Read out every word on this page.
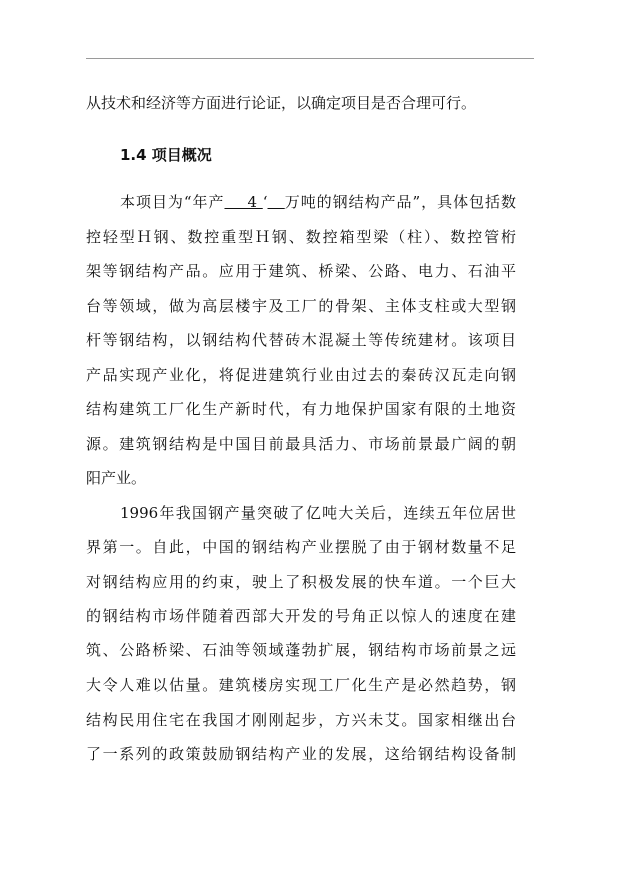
从技术和经济等方面进行论证，以确定项目是否合理可行。
1.4 项目概况
本项目为“年产    4 ‘ 万吨的钢结构产品”，具体包括数
控轻型Ｈ钢、数控重型Ｈ钢、数控箱型梁（柱）、数控管桁
架等钢结构产品。应用于建筑、桥梁、公路、电力、石油平
台等领域，做为高层楼宇及工厂的骨架、主体支柱或大型钢
杆等钢结构，以钢结构代替砖木混凝土等传统建材。该项目
产品实现产业化，将促进建筑行业由过去的秦砖汉瓦走向钢
结构建筑工厂化生产新时代，有力地保护国家有限的土地资
源。建筑钢结构是中国目前最具活力、市场前景最广阔的朝
阳产业。
1996年我国钢产量突破了亿吨大关后，连续五年位居世
界第一。自此，中国的钢结构产业摆脱了由于钢材数量不足
对钢结构应用的约束，驶上了积极发展的快车道。一个巨大
的钢结构市场伴随着西部大开发的号角正以惊人的速度在建
筑、公路桥梁、石油等领域蓬勃扩展，钢结构市场前景之远
大令人难以估量。建筑楼房实现工厂化生产是必然趋势，钢
结构民用住宅在我国才刚刚起步，方兴未艾。国家相继出台
了一系列的政策鼓励钢结构产业的发展，这给钢结构设备制
